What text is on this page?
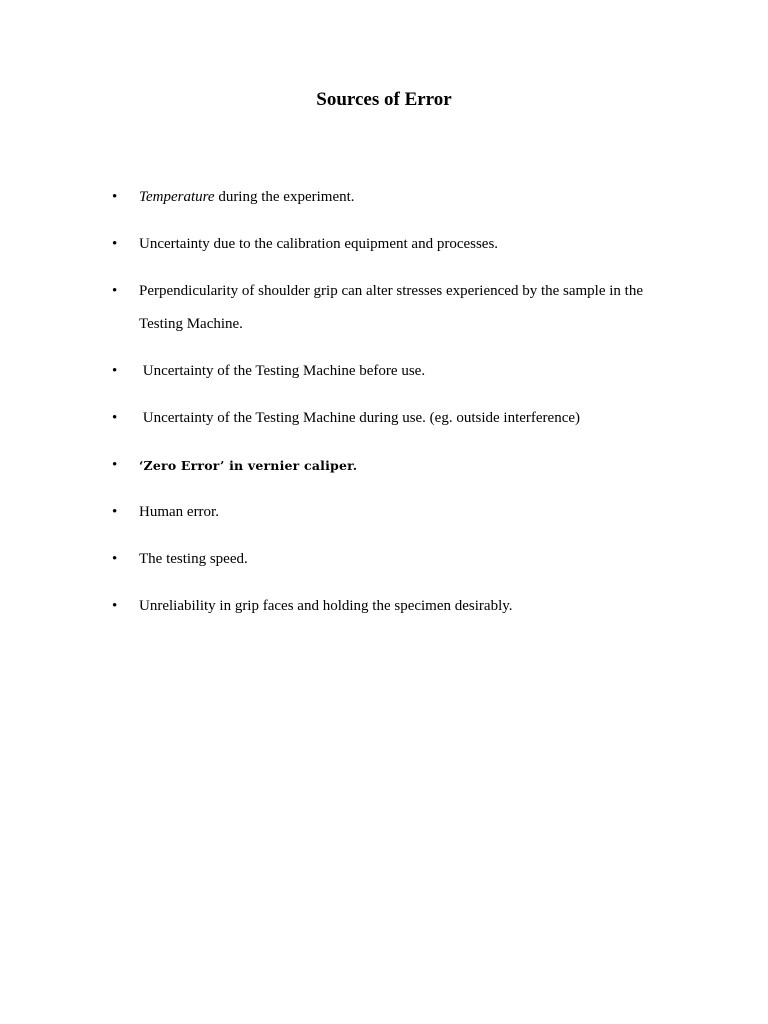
Sources of Error
•	Temperature during the experiment.
•	Uncertainty due to the calibration equipment and processes.
•	Perpendicularity of shoulder grip can alter stresses experienced by the sample in the
Testing Machine.
•	Uncertainty of the Testing Machine before use.
•	Uncertainty of the Testing Machine during use. (eg. outside interference)
•	‘Zero Error’ in vernier caliper.
•	Human error.
•	The testing speed.
•	Unreliability in grip faces and holding the specimen desirably.
